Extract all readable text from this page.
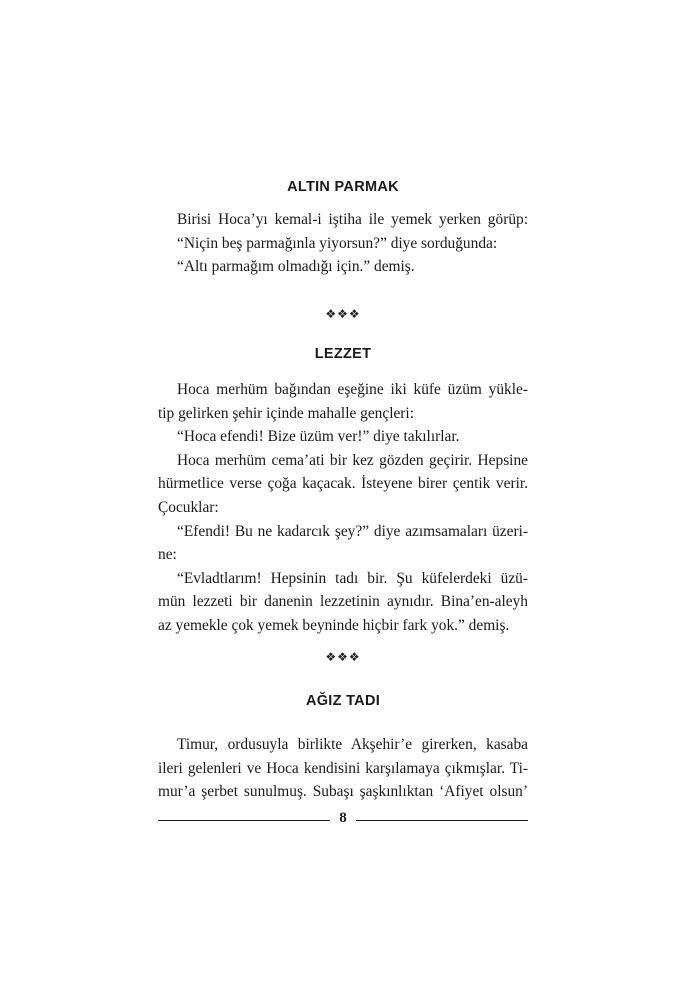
ALTIN PARMAK
Birisi Hoca’yı kemal-i iştiha ile yemek yerken görüp:
“Niçin beş parmağınla yiyorsun?” diye sorduğunda:
“Altı parmağım olmadığı için.” demiş.
❖❖❖
LEZZET
Hoca merhüm bağından eşeğine iki küfe üzüm yükle-
tip gelirken şehir içinde mahalle gençleri:
“Hoca efendi! Bize üzüm ver!” diye takılırlar.
Hoca merhüm cema’ati bir kez gözden geçirir. Hepsine
hürmetlice verse çoğa kaçacak. İsteyene birer çentik verir.
Çocuklar:
“Efendi! Bu ne kadarcık şey?” diye azımsamaları üzeri-
ne:
“Evladtlarım! Hepsinin tadı bir. Şu küfelerdeki üzü-
mün lezzeti bir danenin lezzetinin aynıdır. Bina’en-aleyh
az yemekle çok yemek beyninde hiçbir fark yok.” demiş.
❖❖❖
AĞIZ TADI
Timur, ordusuyla birlikte Akşehir’e girerken, kasaba
ileri gelenleri ve Hoca kendisini karşılamaya çıkmışlar. Ti-
mur’a şerbet sunulmuş. Subaşı şaşkınlıktan ‘Afiyet olsun’
8
